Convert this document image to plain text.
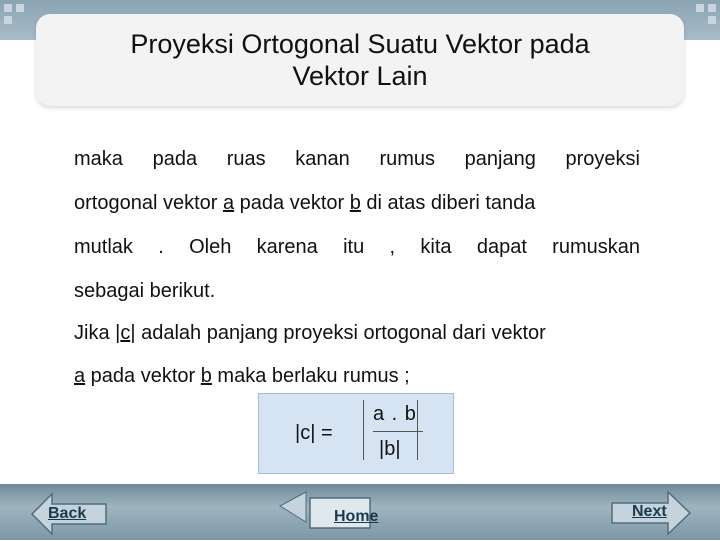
Proyeksi Ortogonal Suatu Vektor pada
Vektor Lain
maka pada ruas kanan rumus panjang proyeksi
ortogonal vektor a pada vektor b di atas diberi tanda
mutlak . Oleh karena itu , kita dapat rumuskan
sebagai berikut.
Jika |c| adalah panjang proyeksi ortogonal dari vektor
a pada vektor b maka berlaku rumus ;
|c| =
a . b
|b|
Back	Home	Next
